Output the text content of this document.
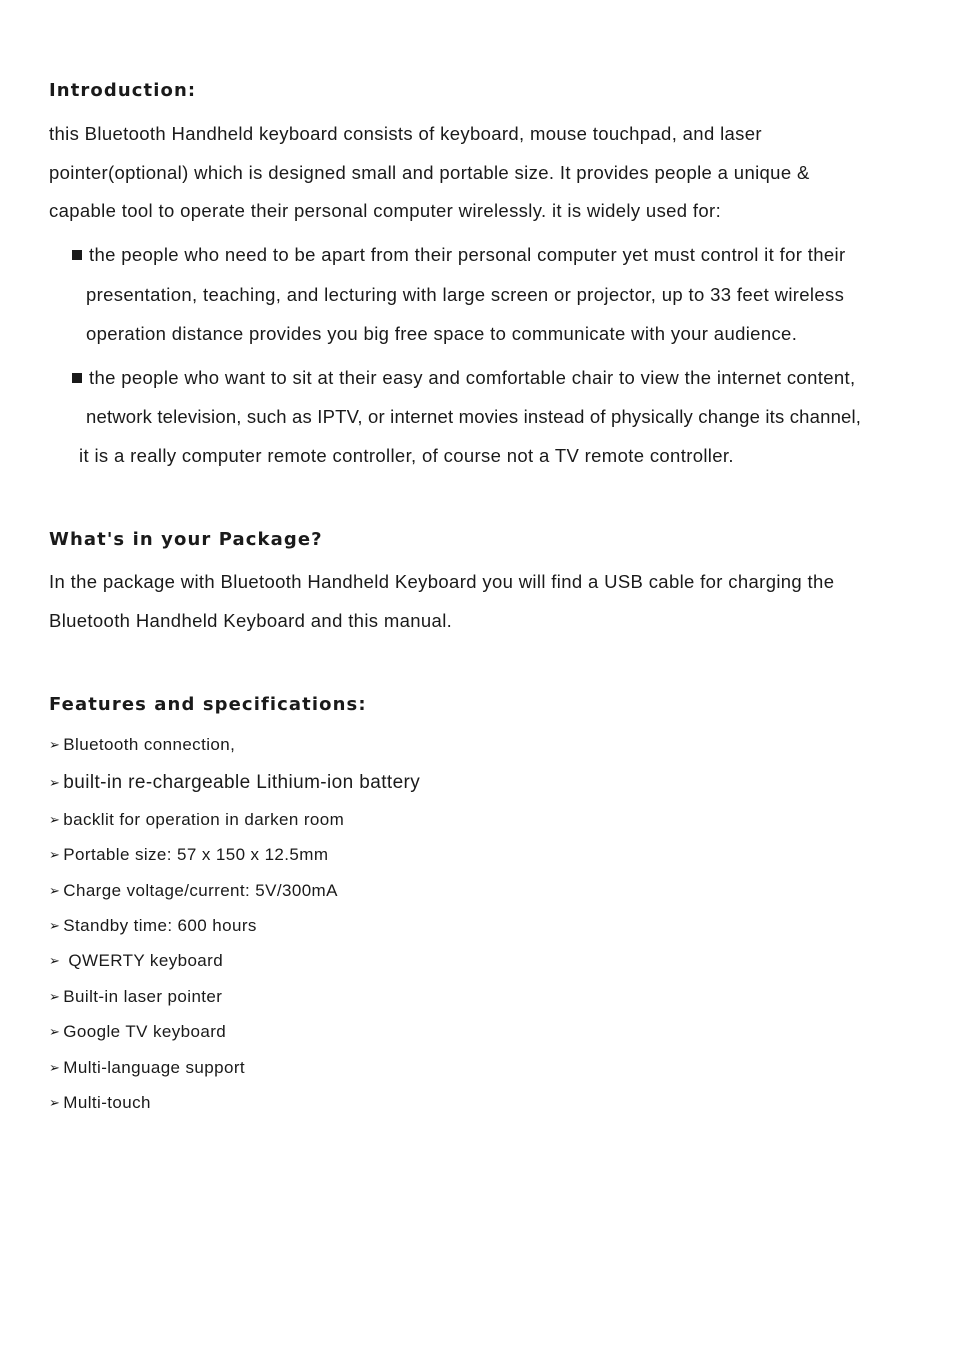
Introduction:

this Bluetooth Handheld keyboard consists of keyboard, mouse touchpad, and laser

pointer(optional) which is designed small and portable size. It provides people a unique &

capable tool to operate their personal computer wirelessly. it is widely used for:

the people who need to be apart from their personal computer yet must control it for their

presentation, teaching, and lecturing with large screen or projector, up to 33 feet wireless

operation distance provides you big free space to communicate with your audience.

the people who want to sit at their easy and comfortable chair to view the internet content,

network television, such as IPTV, or internet movies instead of physically change its channel,

it is a really computer remote controller, of course not a TV remote controller.

What's in your Package?

In the package with Bluetooth Handheld Keyboard you will find a USB cable for charging the

Bluetooth Handheld Keyboard and this manual.

Features and specifications:

➢ Bluetooth connection,

➢ built-in re-chargeable Lithium-ion battery

➢ backlit for operation in darken room

➢ Portable size: 57 x 150 x 12.5mm

➢ Charge voltage/current: 5V/300mA

➢ Standby time: 600 hours

➢ QWERTY keyboard

➢ Built-in laser pointer

➢ Google TV keyboard

➢ Multi-language support

➢ Multi-touch
